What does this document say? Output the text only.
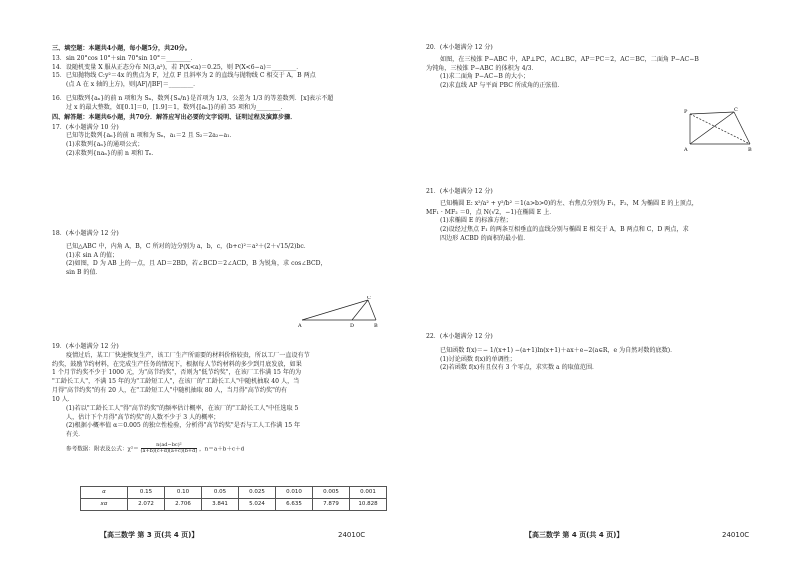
三、填空题：本题共4小题，每小题5分，共20分。

13．sin 20°cos 10°＋sin 70°sin 10°＝________．

14．设随机变量 X 服从正态分布 N(3,a²)，若 P(X<a)＝0.25，则 P(X<6−a)＝________．

15．已知抛物线 C:y²＝4x 的焦点为 F，过点 F 且斜率为 2 的直线与抛物线 C 相交于 A，B 两点

(点 A 在 x 轴的上方)，则|AF|/|BF|＝________．

16．已知数列{aₙ}的前 n 项和为 Sₙ，数列{Sₙ/n}是首项为 1/3，公差为 1/3 的等差数列．[x]表示不超

过 x 的最大整数，如[0.1]＝0，[1.9]＝1，数列{[aₙ]}的前 35 项和为________．

四、解答题：本题共6小题，共70分．解答应写出必要的文字说明、证明过程及演算步骤．

17．(本小题满分 10 分)

已知等比数列{aₙ}的前 n 项和为 Sₙ，a₁＝2 且 S₂＝2a₂−a₁．

(1)求数列{aₙ}的通项公式；

(2)求数列{naₙ}的前 n 项和 Tₙ．

18．(本小题满分 12 分)

已知△ABC 中，内角 A，B，C 所对的边分别为 a，b，c，(b+c)²＝a²＋(2＋√15/2)bc．

(1)求 sin A 的值；

(2)如图，D 为 AB 上的一点，且 AD＝2BD，若∠BCD＝2∠ACD，B 为锐角，求 cos∠BCD，

sin B 的值．

A	D	B
C

19．(本小题满分 12 分)

疫情过后，某工厂快速恢复生产，该工厂生产所需要的材料价格较贵，所以工厂一直设有节

约奖，鼓励节约材料，在完成生产任务的情况下，根据每人节约材料的多少到月底发放，如果

1 个月节约奖不少于 1000 元，为"高节约奖"，否则为"低节约奖"，在该厂工作满 15 年的为

"工龄长工人"，不满 15 年的为"工龄短工人"，在该厂的"工龄长工人"中随机抽取 40 人，当

月得"高节约奖"的有 20 人，在"工龄短工人"中随机抽取 80 人，当月得"高节约奖"的有

10 人．

(1)若以"工龄长工人"得"高节约奖"的频率估计概率，在该厂的"工龄长工人"中任选取 5

人，估计下个月得"高节约奖"的人数不少于 3 人的概率；

(2)根据小概率值 α＝0.005 的独立性检验，分析得"高节约奖"是否与工人工作满 15 年

有关．

参考数据：附表及公式：$\chi^2= \frac{\text{n(ad−bc)²}}{(a+b)(c+d)(a+c)(b+d)}$ ，n＝a＋b＋c＋d

α	0.15	0.10	0.05	0.025	0.010	0.005	0.001
xα	2.072	2.706	3.841	5.024	6.635	7.879	10.828
【高三数学 第 3 页(共 4 页)】	24010C

20．(本小题满分 12 分)

如图，在三棱锥 P−ABC 中，AP⊥PC，AC⊥BC，AP＝PC＝2，AC＝BC，二面角 P−AC−B

为钝角，三棱锥 P−ABC 的体积为 4/3．

(1)求二面角 P−AC−B 的大小；

(2)求直线 AP 与平面 PBC 所成角的正弦值．

A	B
C
P

21．(本小题满分 12 分)

已知椭圆 E: x²/a² + y²/b² ＝1(a>b>0)的左、右焦点分别为 F₁，F₂，M 为椭圆 E 的上顶点，

MF₁ · MF₂ ＝0，点 N(√2，−1)在椭圆 E 上．

(1)求椭圆 E 的标准方程；

(2)设经过焦点 F₁ 的两条互相垂直的直线分别与椭圆 E 相交于 A，B 两点和 C，D 两点，求

四边形 ACBD 的面积的最小值．

22．(本小题满分 12 分)

已知函数 f(x)＝− 1/(x+1) −(a+1)ln(x+1)＋ax＋e−2(a∈R，e 为自然对数的底数)．

(1)讨论函数 f(x)的单调性；

(2)若函数 f(x)有且仅有 3 个零点，求实数 a 的取值范围．

【高三数学 第 4 页(共 4 页)】	24010C
